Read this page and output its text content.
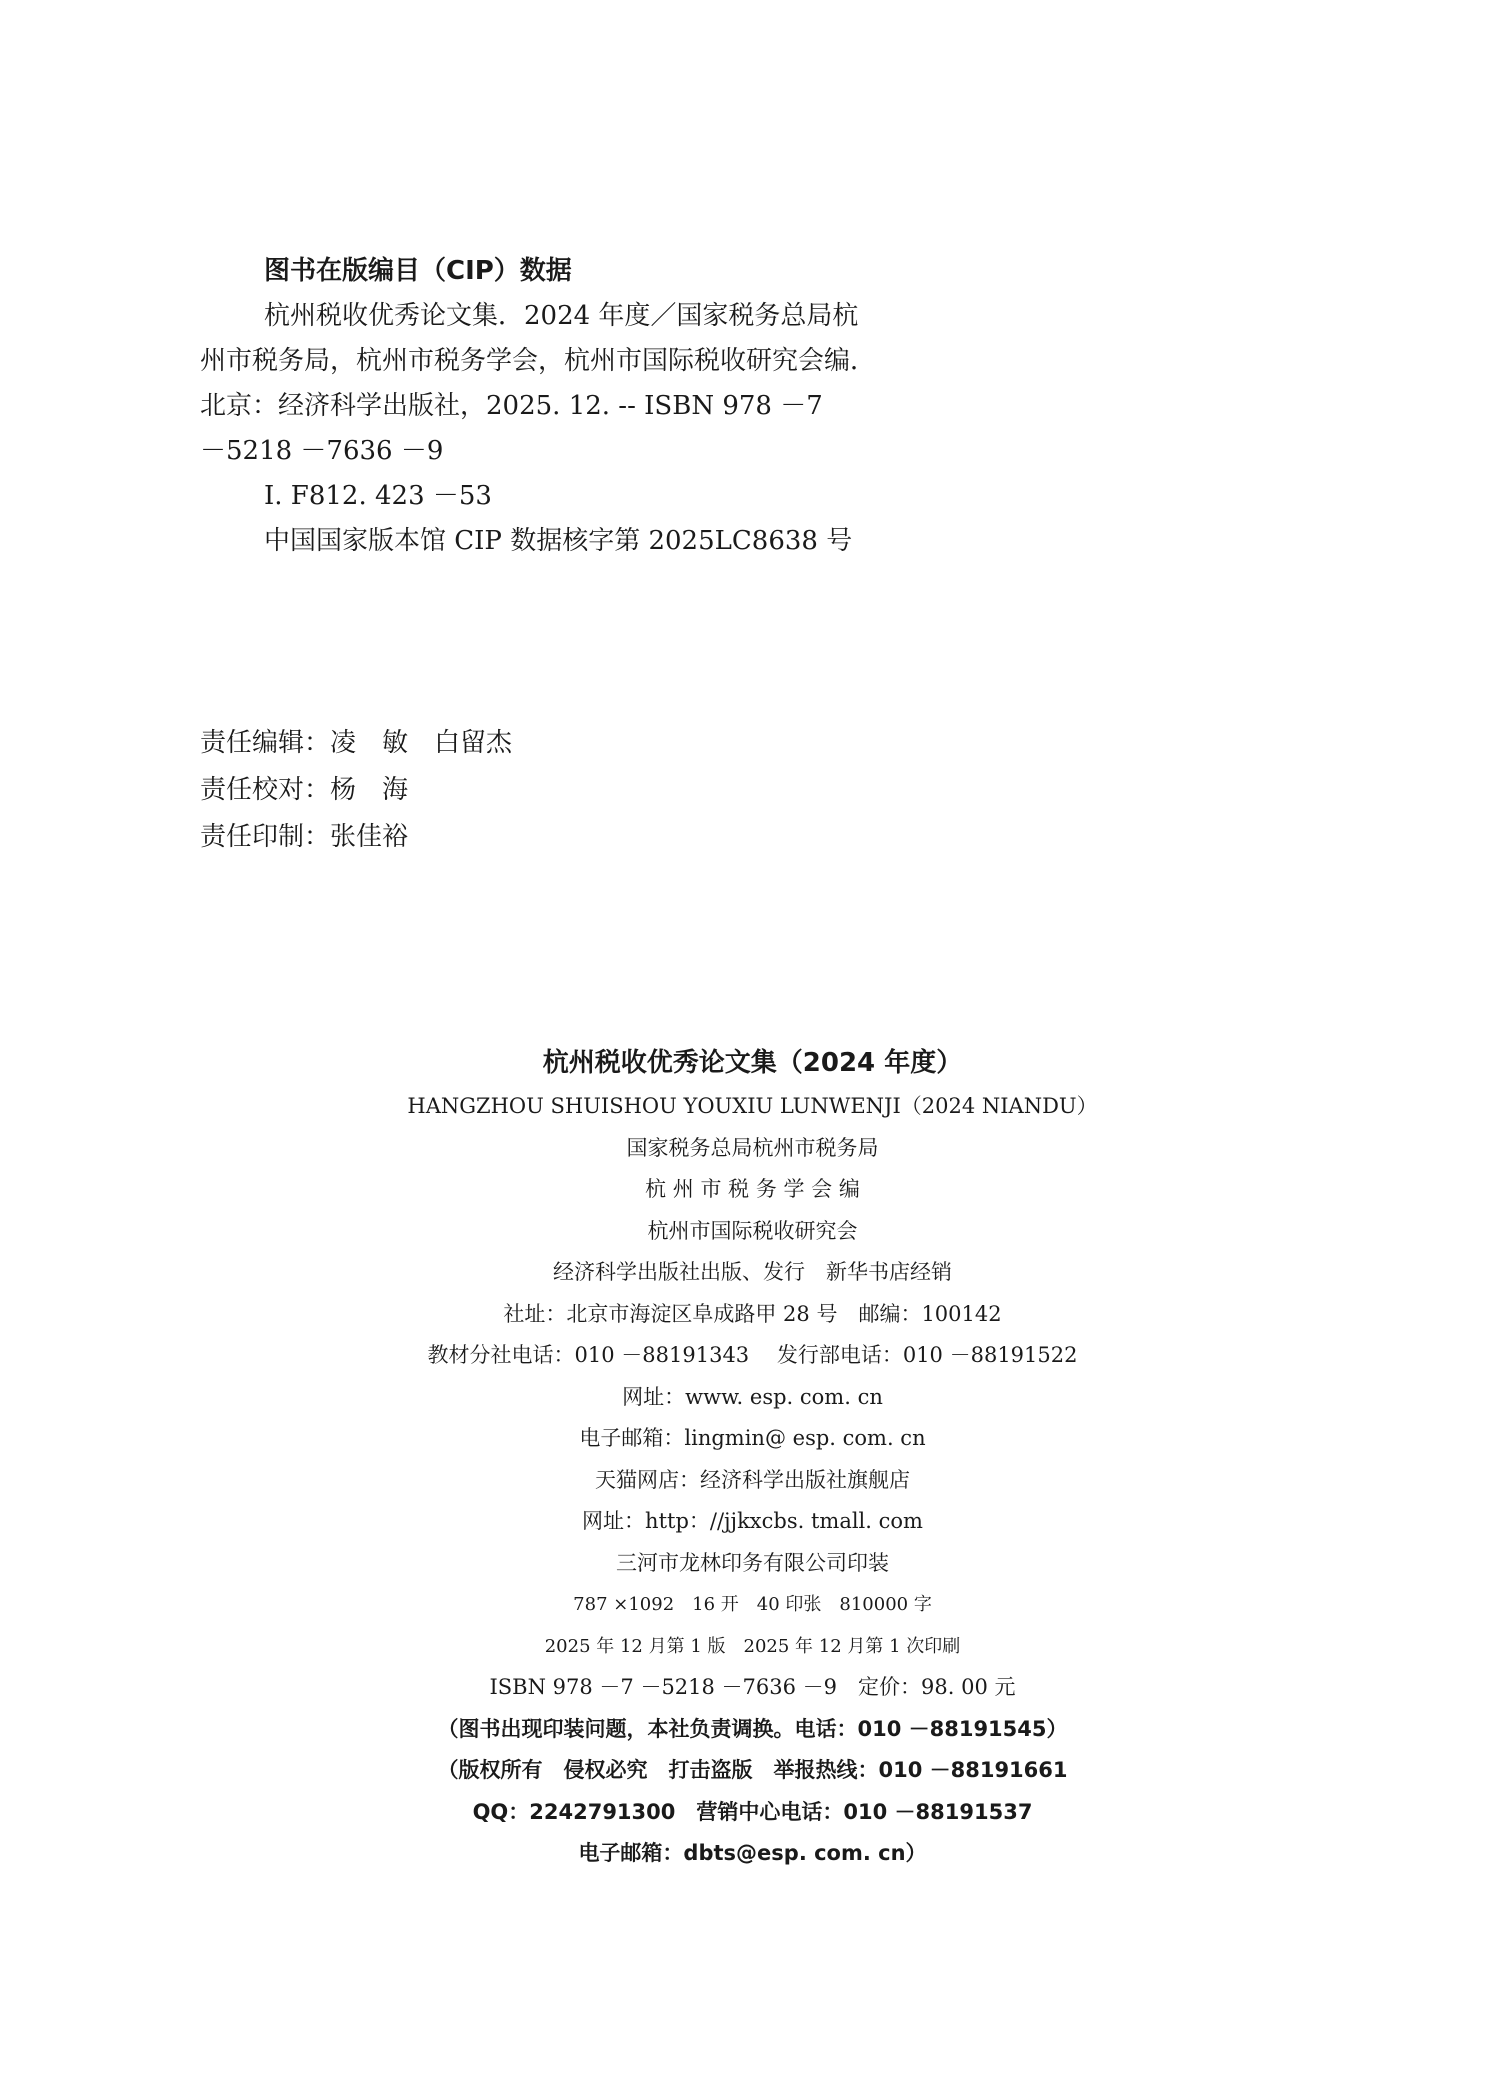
图书在版编目（CIP）数据
杭州税收优秀论文集．2024 年度／国家税务总局杭
州市税务局，杭州市税务学会，杭州市国际税收研究会编．
北京：经济科学出版社，2025. 12. -- ISBN 978 －7
－5218 －7636 －9
Ⅰ. F812. 423 －53
中国国家版本馆 CIP 数据核字第 2025LC8638 号
责任编辑：凌　敏　白留杰
责任校对：杨　海
责任印制：张佳裕
杭州税收优秀论文集（2024 年度）
HANGZHOU SHUISHOU YOUXIU LUNWENJI（2024 NIANDU）
国家税务总局杭州市税务局
杭 州 市 税 务 学 会 编
杭州市国际税收研究会
经济科学出版社出版、发行　新华书店经销
社址：北京市海淀区阜成路甲 28 号　邮编：100142
教材分社电话：010 －88191343　 发行部电话：010 －88191522
网址：www. esp. com. cn
电子邮箱：lingmin@ esp. com. cn
天猫网店：经济科学出版社旗舰店
网址：http：//jjkxcbs. tmall. com
三河市龙林印务有限公司印装
787 ×1092　16 开　40 印张　810000 字
2025 年 12 月第 1 版　2025 年 12 月第 1 次印刷
ISBN 978 －7 －5218 －7636 －9　定价：98. 00 元
（图书出现印装问题，本社负责调换。电话：010 －88191545）
（版权所有　侵权必究　打击盗版　举报热线：010 －88191661
QQ：2242791300　营销中心电话：010 －88191537
电子邮箱：dbts@esp. com. cn）
